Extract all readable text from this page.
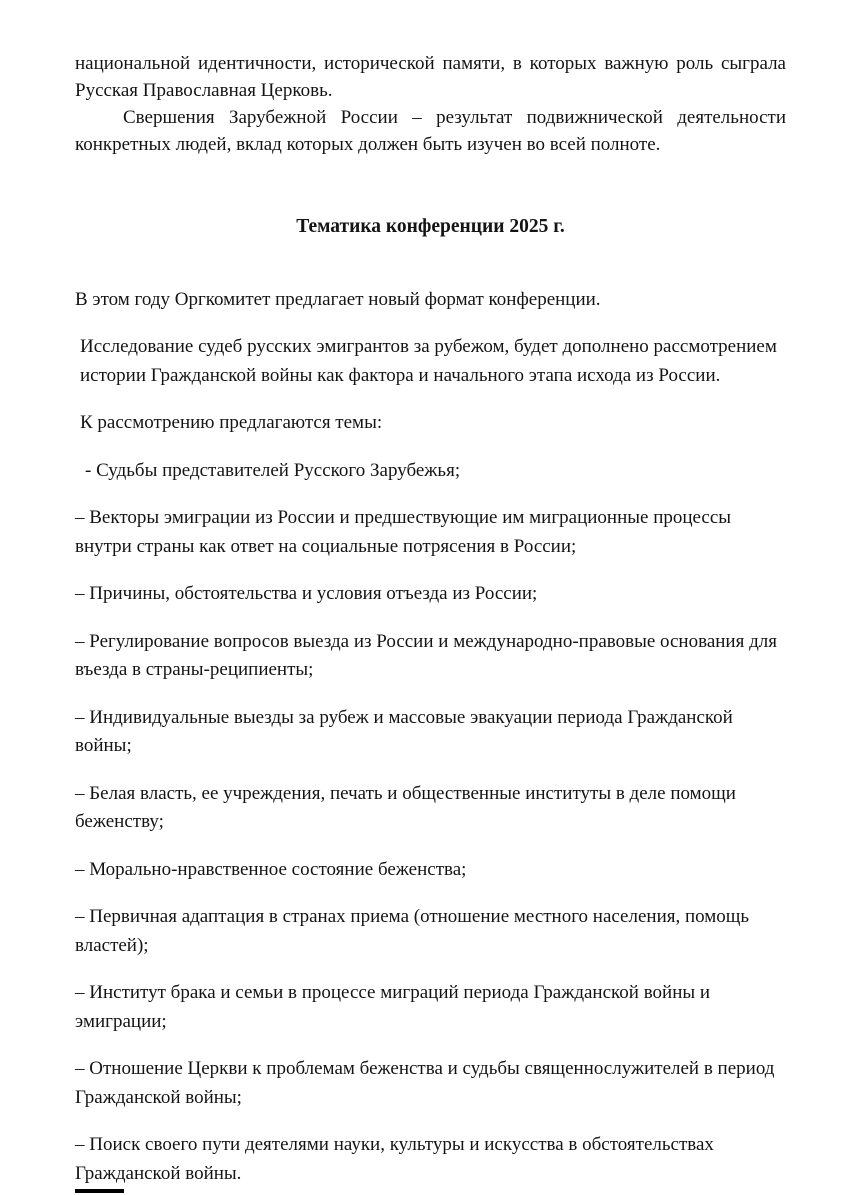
национальной идентичности, исторической памяти, в которых важную роль сыграла Русская Православная Церковь.

Свершения Зарубежной России – результат подвижнической деятельности конкретных людей, вклад которых должен быть изучен во всей полноте.

Тематика конференции 2025 г.

В этом году Оргкомитет предлагает новый формат конференции.

Исследование судеб русских эмигрантов за рубежом, будет дополнено рассмотрением истории Гражданской войны как фактора и начального этапа исхода из России.

К рассмотрению предлагаются темы:

- Судьбы представителей Русского Зарубежья;

– Векторы эмиграции из России и предшествующие им миграционные процессы внутри страны как ответ на социальные потрясения в России;

– Причины, обстоятельства и условия отъезда из России;

– Регулирование вопросов выезда из России и международно-правовые основания для въезда в страны-реципиенты;

– Индивидуальные выезды за рубеж и массовые эвакуации периода Гражданской войны;

– Белая власть, ее учреждения, печать и общественные институты в деле помощи беженству;

– Морально-нравственное состояние беженства;

– Первичная адаптация в странах приема (отношение местного населения, помощь властей);

– Институт брака и семьи в процессе миграций периода Гражданской войны и эмиграции;

– Отношение Церкви к проблемам беженства и судьбы священнослужителей в период Гражданской войны;

– Поиск своего пути деятелями науки, культуры и искусства в обстоятельствах Гражданской войны.
